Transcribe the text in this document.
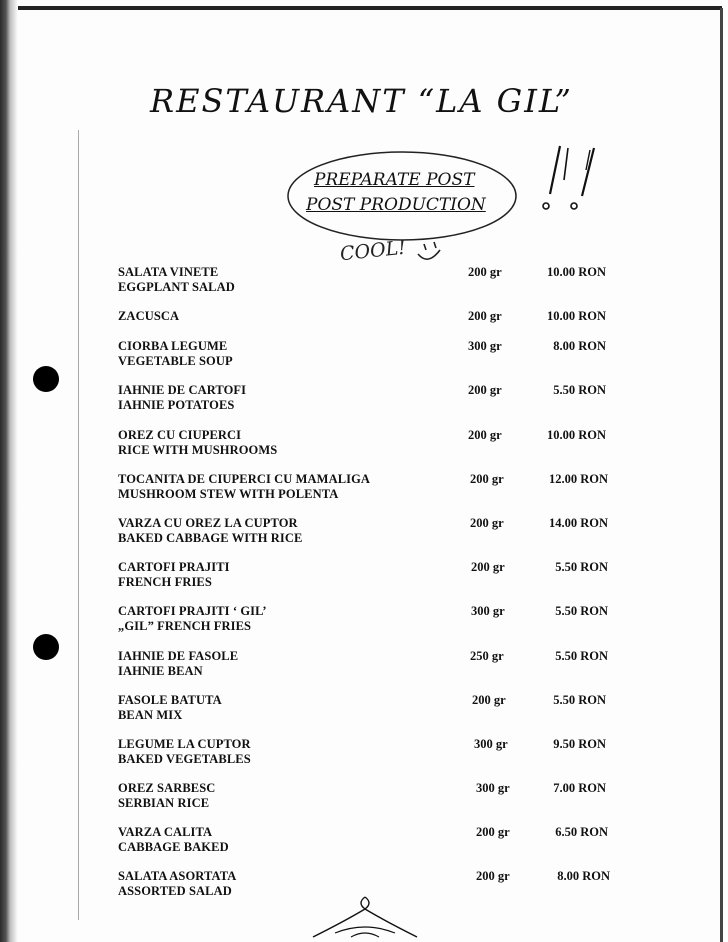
RESTAURANT “LA GIL”
PREPARATE POST
POST PRODUCTION
COOL!
SALATA VINETE
EGGPLANT SALAD
200 gr	10.00 RON
ZACUSCA	200 gr	10.00 RON
CIORBA LEGUME
VEGETABLE SOUP
300 gr	8.00 RON
IAHNIE DE CARTOFI
IAHNIE POTATOES
200 gr	5.50 RON
OREZ CU CIUPERCI
RICE WITH MUSHROOMS
200 gr	10.00 RON
TOCANITA DE CIUPERCI CU MAMALIGA
MUSHROOM STEW WITH POLENTA
200 gr	12.00 RON
VARZA CU OREZ LA CUPTOR
BAKED CABBAGE WITH RICE
200 gr	14.00 RON
CARTOFI PRAJITI
FRENCH FRIES
200 gr	5.50 RON
CARTOFI PRAJITI ‘ GIL’
„GIL” FRENCH FRIES
300 gr	5.50 RON
IAHNIE DE FASOLE
IAHNIE BEAN
250 gr	5.50 RON
FASOLE BATUTA
BEAN MIX
200 gr	5.50 RON
LEGUME LA CUPTOR
BAKED VEGETABLES
300 gr	9.50 RON
OREZ SARBESC
SERBIAN RICE
300 gr	7.00 RON
VARZA CALITA
CABBAGE BAKED
200 gr	6.50 RON
SALATA ASORTATA
ASSORTED SALAD
200 gr	8.00 RON
